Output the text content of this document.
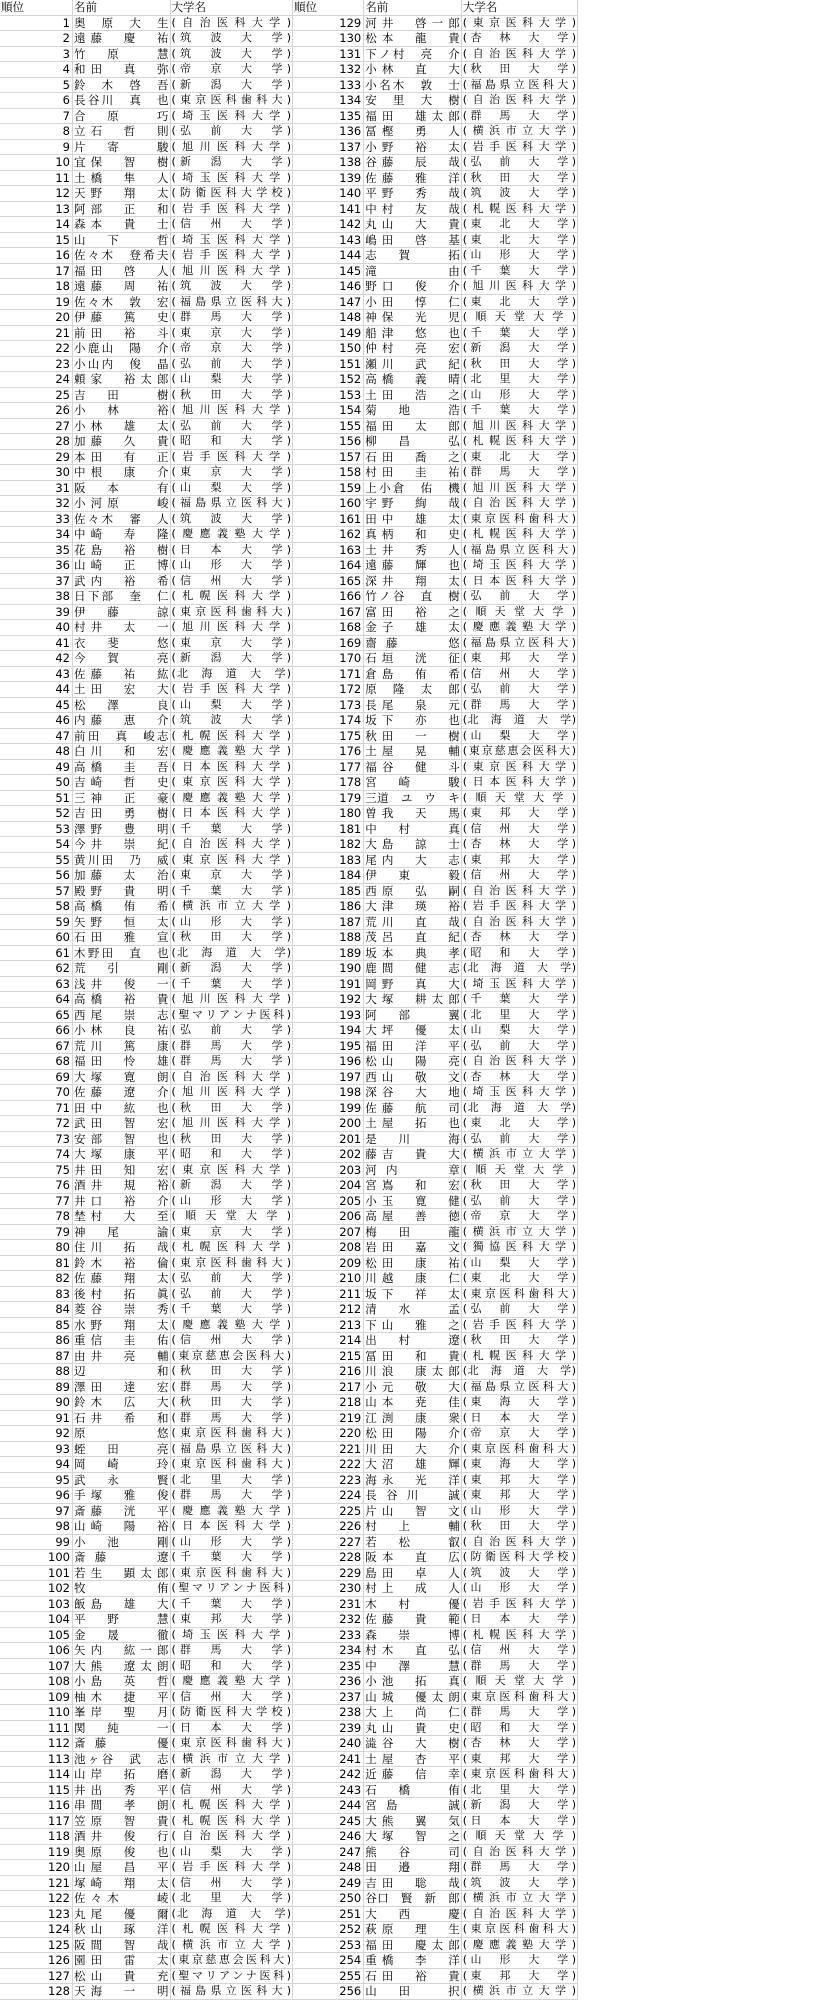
順位	名前	大学名	順位	名前	大学名
1	奥　原　大　生	(自治医科大学)	129	河井　啓一郎	(東京医科大学)
2	遠藤　慶　祐	(筑　波　大　学)	130	松本　龍　貴	(杏　林　大　学)
3	竹　原　　慧	(筑　波　大　学)	131	下ノ村　亮　介	(自治医科大学)
4	和田　真　弥	(帝　京　大　学)	132	小林　直　大	(秋　田　大　学)
5	鈴　木　啓　吾	(新　潟　大　学)	133	小名木　敦　士	(福島県立医科大)
6	長谷川　真　也	(東京医科歯科大)	134	安　里　大　樹	(自治医科大学)
7	合　原　　巧	(埼玉医科大学)	135	福田　雄太郎	(群　馬　大　学)
8	立石　哲　則	(弘　前　大　学)	136	冨樫　勇　人	(横浜市立大学)
9	片　寄　　駿	(旭川医科大学)	137	小野　裕　太	(岩手医科大学)
10	宜保　智　樹	(新　潟　大　学)	138	谷藤　辰　哉	(弘　前　大　学)
11	土橋　隼　人	(埼玉医科大学)	139	佐藤　雅　洋	(秋　田　大　学)
12	天野　翔　太	(防衛医科大学校)	140	平野　秀　哉	(筑　波　大　学)
13	阿部　正　和	(岩手医科大学)	141	中村　友　哉	(札幌医科大学)
14	森本　貴　士	(信　州　大　学)	142	丸山　大　貴	(東　北　大　学)
15	山　下　　哲	(埼玉医科大学)	143	嶋田　啓　基	(東　北　大　学)
16	佐々木　登希夫	(岩手医科大学)	144	志　賀　　拓	(山　形　大　学)
17	福田　啓　人	(旭川医科大学)	145	滝　　　　由	(千　葉　大　学)
18	遠藤　周　祐	(筑　波　大　学)	146	野口　俊　介	(旭川医科大学)
19	佐々木　敦　宏	(福島県立医科大)	147	小田　惇　仁	(東　北　大　学)
20	伊藤　篤　史	(群　馬　大　学)	148	神保　光　児	(順天堂大学)
21	前田　裕　斗	(東　京　大　学)	149	船津　悠　也	(千　葉　大　学)
22	小鹿山　陽　介	(帝　京　大　学)	150	仲村　亮　宏	(新　潟　大　学)
23	小山内　俊　晶	(弘　前　大　学)	151	瀬川　武　紀	(秋　田　大　学)
24	頼家　裕太郎	(山　梨　大　学)	152	高橋　義　晴	(北　里　大　学)
25	吉　田　　樹	(秋　田　大　学)	153	土田　浩　之	(山　形　大　学)
26	小　林　　裕	(旭川医科大学)	154	菊　地　　浩	(千　葉　大　学)
27	小林　雄　太	(弘　前　大　学)	155	福田　太　郎	(旭川医科大学)
28	加藤　久　貴	(昭　和　大　学)	156	柳　昌　　弘	(札幌医科大学)
29	本田　有　正	(岩手医科大学)	157	石田　喬　之	(東　北　大　学)
30	中根　康　介	(東　京　大　学)	158	村田　圭　祐	(群　馬　大　学)
31	阪　本　　有	(山　梨　大　学)	159	上小倉　佑　機	(旭川医科大学)
32	小河原　　峻	(福島県立医科大)	160	宇野　絢　哉	(自治医科大学)
33	佐々木　審　人	(筑　波　大　学)	161	田中　雄　太	(東京医科歯科大)
34	中崎　寿　隆	(慶應義塾大学)	162	真柄　和　史	(札幌医科大学)
35	花島　裕　樹	(日　本　大　学)	163	土井　秀　人	(福島県立医科大)
36	山崎　正　博	(山　形　大　学)	164	遠藤　輝　也	(埼玉医科大学)
37	武内　裕　希	(信　州　大　学)	165	深井　翔　太	(日本医科大学)
38	日下部　奎　仁	(札幌医科大学)	166	竹ノ谷　直　樹	(弘　前　大　学)
39	伊　藤　　諒	(東京医科歯科大)	167	富田　裕　之	(順天堂大学)
40	村井　太　一	(旭川医科大学)	168	金子　雄　太	(慶應義塾大学)
41	衣　斐　　悠	(東　京　大　学)	169	齋藤　　悠	(福島県立医科大)
42	今　賀　　亮	(新　潟　大　学)	170	石垣　洸　征	(東　邦　大　学)
43	佐藤　祐　紘	(北　海　道　大　学)	171	倉島　侑　希	(信　州　大　学)
44	土田　宏　大	(岩手医科大学)	172	原　隆　太　郎	(弘　前　大　学)
45	松　澤　　良	(山　梨　大　学)	173	長尾　泉　元	(群　馬　大　学)
46	内藤　恵　介	(筑　波　大　学)	174	坂下　亦　也	(北　海　道　大　学)
47	前田　真　峻志	(札幌医科大学)	175	秋田　一　樹	(山　梨　大　学)
48	白川　和　宏	(慶應義塾大学)	176	土屋　晃　輔	(東京慈恵会医科大)
49	高橋　圭　吾	(日本医科大学)	177	福谷　健　斗	(東京医科大学)
50	吉崎　哲　史	(東京医科大学)	178	宮　崎　　駿	(日本医科大学)
51	三神　正　豪	(慶應義塾大学)	179	三道　ユ　ウ　キ	(順天堂大学)
52	吉田　勇　樹	(日本医科大学)	180	曽我　天　馬	(東　邦　大　学)
53	澤野　豊　明	(千　葉　大　学)	181	中　村　　真	(信　州　大　学)
54	今井　崇　紀	(自治医科大学)	182	大島　諒　士	(杏　林　大　学)
55	黄川田　乃　威	(東京医科大学)	183	尾内　大　志	(東　邦　大　学)
56	加藤　太　治	(東　京　大　学)	184	伊　東　　毅	(信　州　大　学)
57	殿野　貴　明	(千　葉　大　学)	185	西原　弘　嗣	(自治医科大学)
58	高橋　侑　希	(横浜市立大学)	186	大津　瑛　裕	(岩手医科大学)
59	矢野　恒　太	(山　形　大　学)	187	荒川　直　哉	(自治医科大学)
60	石田　雅　宣	(秋　田　大　学)	188	茂呂　直　紀	(杏　林　大　学)
61	木野田　直　也	(北　海　道　大　学)	189	坂本　典　孝	(昭　和　大　学)
62	荒　引　　剛	(新　潟　大　学)	190	鹿間　健　志	(北　海　道　大　学)
63	浅井　俊　一	(千　葉　大　学)	191	岡野　真　大	(埼玉医科大学)
64	高橋　裕　貴	(旭川医科大学)	192	大塚　耕太郎	(千　葉　大　学)
65	西尾　崇　志	(聖マリアンナ医科)	193	阿　部　　翼	(北　里　大　学)
66	小林　良　祐	(弘　前　大　学)	194	大坪　優　太	(山　梨　大　学)
67	荒川　篤　康	(群　馬　大　学)	195	福田　洋　平	(弘　前　大　学)
68	福田　怜　雄	(群　馬　大　学)	196	松山　陽　亮	(自治医科大学)
69	大塚　寛　朗	(自治医科大学)	197	西山　敬　文	(杏　林　大　学)
70	佐藤　遼　介	(旭川医科大学)	198	深谷　大　地	(埼玉医科大学)
71	田中　紘　也	(秋　田　大　学)	199	佐藤　航　司	(北　海　道　大　学)
72	武田　智　宏	(旭川医科大学)	200	土屋　拓　也	(東　北　大　学)
73	安部　智　也	(秋　田　大　学)	201	是　川　　海	(弘　前　大　学)
74	大塚　康　平	(昭　和　大　学)	202	藤吉　貴　大	(横浜市立大学)
75	井田　知　宏	(東京医科大学)	203	河内　　章	(順天堂大学)
76	酒井　規　裕	(新　潟　大　学)	204	宮嶌　和　宏	(秋　田　大　学)
77	井口　裕　介	(山　形　大　学)	205	小玉　寛　健	(弘　前　大　学)
78	埜村　大　至	(順天堂大学)	206	高屋　善　徳	(帝　京　大　学)
79	神　尾　　諭	(東　京　大　学)	207	梅　田　　龍	(横浜市立大学)
80	住川　拓　哉	(札幌医科大学)	208	岩田　嘉　文	(獨協医科大学)
81	鈴木　裕　倫	(東京医科歯科大)	209	松田　康　祐	(山　梨　大　学)
82	佐藤　翔　太	(弘　前　大　学)	210	川越　康　仁	(東　北　大　学)
83	後村　拓　眞	(弘　前　大　学)	211	坂下　祥　太	(東京医科歯科大)
84	菱谷　崇　秀	(千　葉　大　学)	212	清　水　　孟	(弘　前　大　学)
85	水野　翔　太	(慶應義塾大学)	213	下山　雅　之	(岩手医科大学)
86	重信　圭　佑	(信　州　大　学)	214	出　村　　遼	(秋　田　大　学)
87	由井　亮　輔	(東京慈恵会医科大)	215	冨田　和　貴	(札幌医科大学)
88	辺　　　　和	(秋　田　大　学)	216	川浪　康太郎	(北　海　道　大　学)
89	澤田　達　宏	(群　馬　大　学)	217	小元　敬　大	(福島県立医科大)
90	鈴木　広　大	(秋　田　大　学)	218	山本　尭　佳	(東　海　大　学)
91	石井　希　和	(群　馬　大　学)	219	江渕　康　衆	(日　本　大　学)
92	原　　　　悠	(東京医科歯科大)	220	松田　陽　介	(帝　京　大　学)
93	蛭　田　　亮	(福島県立医科大)	221	川田　大　介	(東京医科歯科大)
94	岡　崎　　玲	(東京医科歯科大)	222	大沼　雄　輝	(東　海　大　学)
95	武　永　　賢	(北　里　大　学)	223	海永　光　洋	(東　邦　大　学)
96	手塚　雅　俊	(群　馬　大　学)	224	長谷川　誠	(東　邦　大　学)
97	斎藤　洸　平	(慶應義塾大学)	225	片山　智　文	(山　形　大　学)
98	山崎　陽　裕	(日本医科大学)	226	村　上　　輔	(秋　田　大　学)
99	小　池　　剛	(山　形　大　学)	227	若　松　　叡	(自治医科大学)
100	斎藤　　遼	(千　葉　大　学)	228	阪本　直　広	(防衛医科大学校)
101	若生　顕太郎	(東京医科歯科大)	229	島田　卓　人	(筑　波　大　学)
102	牧　　　　侑	(聖マリアンナ医科)	230	村上　成　人	(山　形　大　学)
103	飯島　雄　大	(千　葉　大　学)	231	木　村　　優	(岩手医科大学)
104	平　野　　慧	(東　邦　大　学)	232	佐藤　貴　範	(日　本　大　学)
105	金　晟　　徹	(埼玉医科大学)	233	森　崇　　博	(札幌医科大学)
106	矢内　紘一郎	(群　馬　大　学)	234	村木　直　弘	(信　州　大　学)
107	大熊　遼太朗	(昭　和　大　学)	235	中　澤　　慧	(群　馬　大　学)
108	小島　英　哲	(慶應義塾大学)	236	小池　拓　真	(順天堂大学)
109	柚木　捷　平	(信　州　大　学)	237	山城　優太朗	(東京医科歯科大)
110	峯岸　聖　月	(防衛医科大学校)	238	大上　尚　仁	(群　馬　大　学)
111	関　純　　一	(日　本　大　学)	239	丸山　貴　史	(昭　和　大　学)
112	斎藤　　優	(東京医科歯科大)	240	澁谷　大　樹	(杏　林　大　学)
113	池ヶ谷　武　志	(横浜市立大学)	241	土屋　杏　平	(東　邦　大　学)
114	山岸　拓　磨	(新　潟　大　学)	242	近藤　信　幸	(東京医科歯科大)
115	井出　秀　平	(信　州　大　学)	243	石　橋　　侑	(北　里　大　学)
116	串間　孝　朗	(札幌医科大学)	244	宮島　　誠	(新　潟　大　学)
117	笠原　智　貴	(札幌医科大学)	245	大熊　翼　気	(日　本　大　学)
118	酒井　俊　行	(自治医科大学)	246	大塚　智　之	(順天堂大学)
119	奥原　俊　也	(山　梨　大　学)	247	熊　谷　　司	(自治医科大学)
120	山屋　昌　平	(岩手医科大学)	248	田　邉　　翔	(群　馬　大　学)
121	塚崎　翔　太	(信　州　大　学)	249	吉田　聡　哉	(筑　波　大　学)
122	佐々木　　崚	(北　里　大　学)	250	谷口　賢　新　郎	(横浜市立大学)
123	丸尾　優　爾	(北　海　道　大　学)	251	大　西　　慶	(自治医科大学)
124	秋山　琢　洋	(札幌医科大学)	252	萩原　理　生	(東京医科歯科大)
125	阪間　智　哉	(横浜市立大学)	253	福田　慶太郎	(慶應義塾大学)
126	園田　雷　太	(東京慈恵会医科大)	254	重橋　李　洋	(山　形　大　学)
127	松山　貴　充	(聖マリアンナ医科)	255	石田　裕　貴	(東　邦　大　学)
128	天海　一　明	(福島県立医科大)	256	山　田　　択	(横浜市立大学)
